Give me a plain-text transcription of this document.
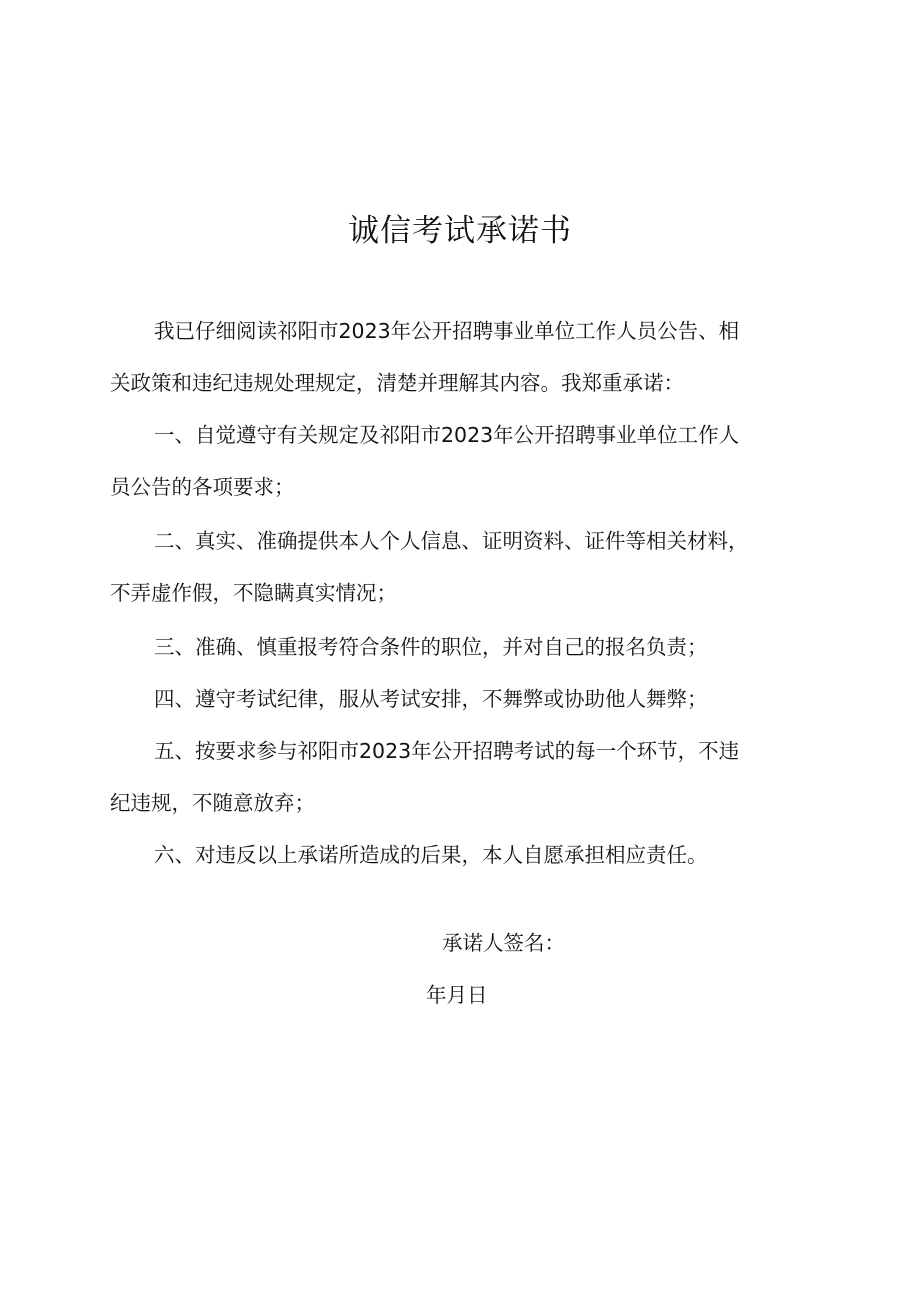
诚信考试承诺书
我已仔细阅读祁阳市2023年公开招聘事业单位工作人员公告、相
关政策和违纪违规处理规定，清楚并理解其内容。我郑重承诺：
一、自觉遵守有关规定及祁阳市2023年公开招聘事业单位工作人
员公告的各项要求；
二、真实、准确提供本人个人信息、证明资料、证件等相关材料，
不弄虚作假，不隐瞒真实情况；
三、准确、慎重报考符合条件的职位，并对自己的报名负责；
四、遵守考试纪律，服从考试安排，不舞弊或协助他人舞弊；
五、按要求参与祁阳市2023年公开招聘考试的每一个环节，不违
纪违规，不随意放弃；
六、对违反以上承诺所造成的后果，本人自愿承担相应责任。
承诺人签名：
年月日
